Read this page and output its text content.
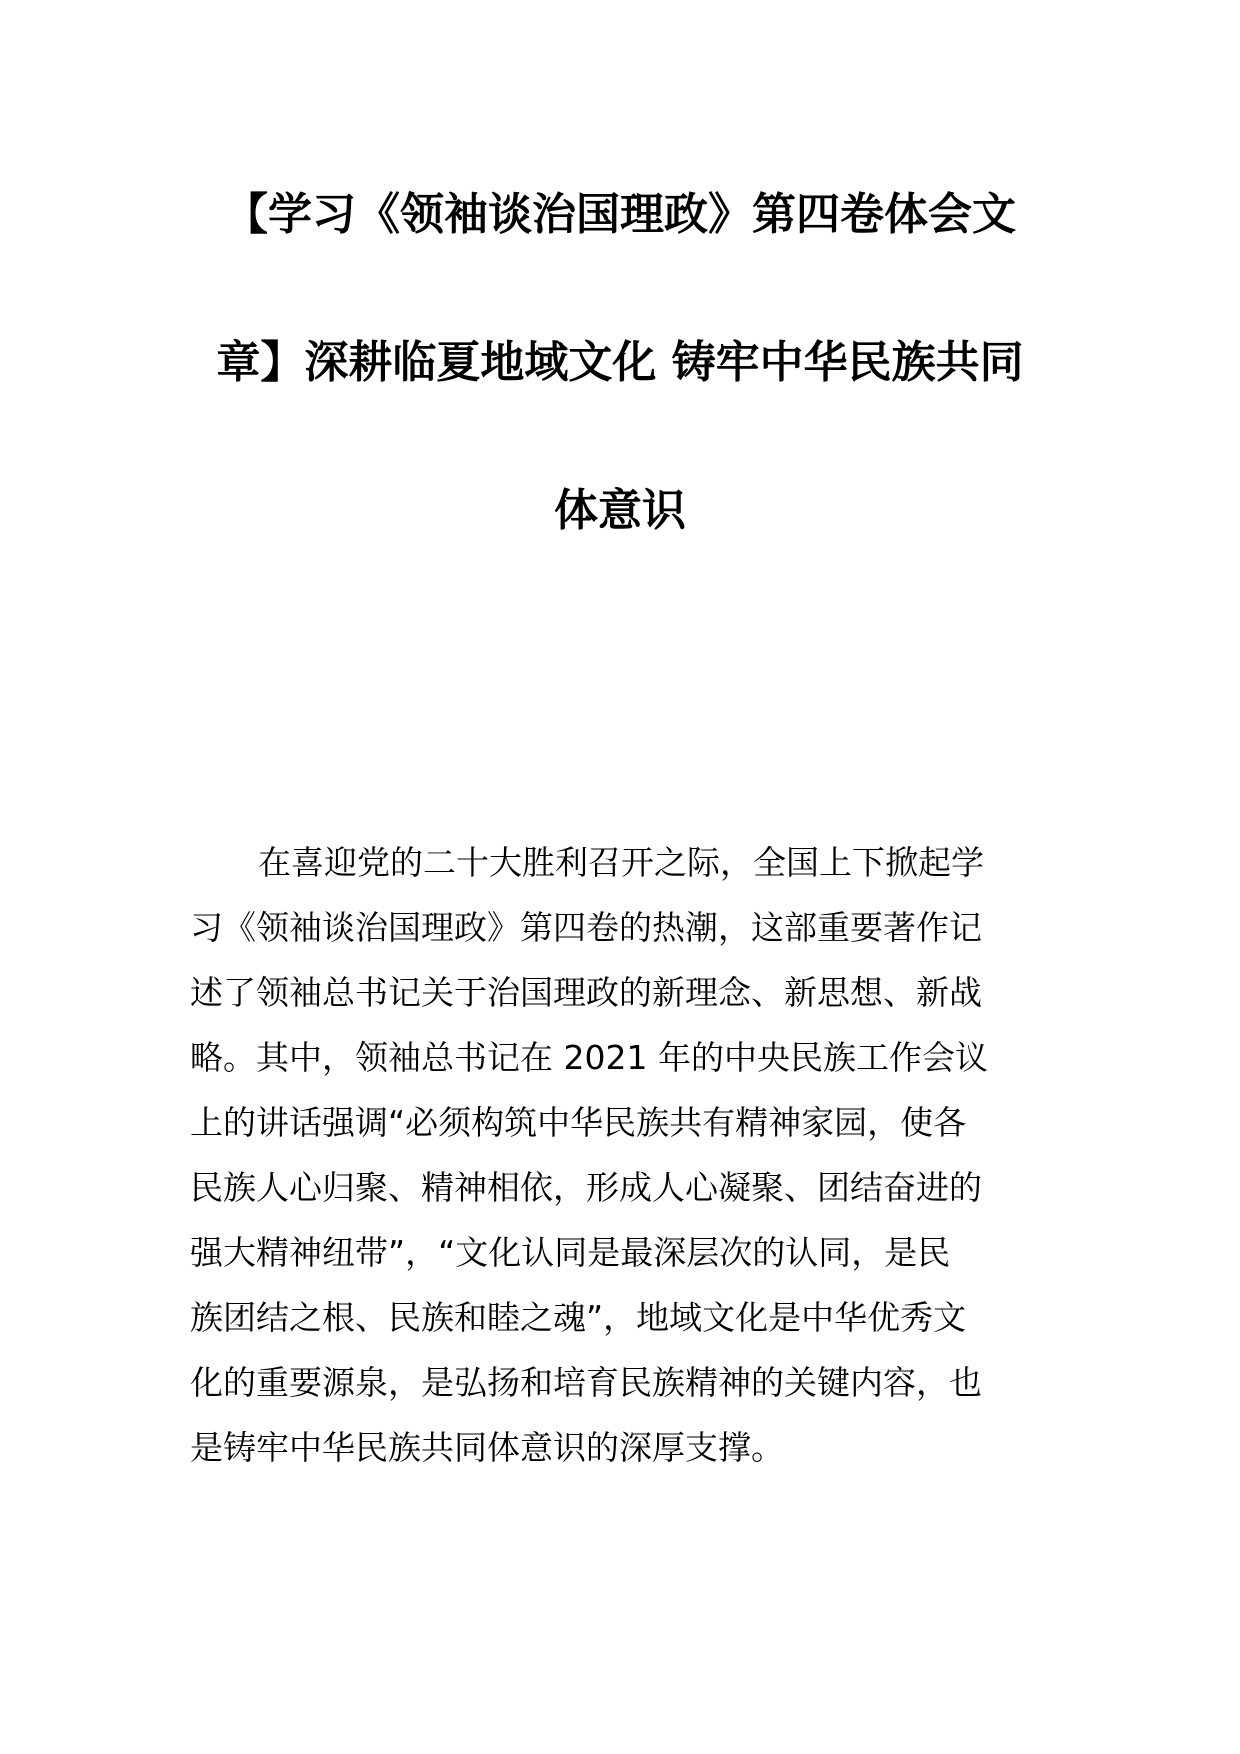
【学习《领袖谈治国理政》第四卷体会文
章】深耕临夏地域文化 铸牢中华民族共同
体意识
在喜迎党的二十大胜利召开之际，全国上下掀起学
习《领袖谈治国理政》第四卷的热潮，这部重要著作记
述了领袖总书记关于治国理政的新理念、新思想、新战
略。其中，领袖总书记在 2021 年的中央民族工作会议
上的讲话强调“必须构筑中华民族共有精神家园，使各
民族人心归聚、精神相依，形成人心凝聚、团结奋进的
强大精神纽带”，“文化认同是最深层次的认同，是民
族团结之根、民族和睦之魂”，地域文化是中华优秀文
化的重要源泉，是弘扬和培育民族精神的关键内容，也
是铸牢中华民族共同体意识的深厚支撑。
